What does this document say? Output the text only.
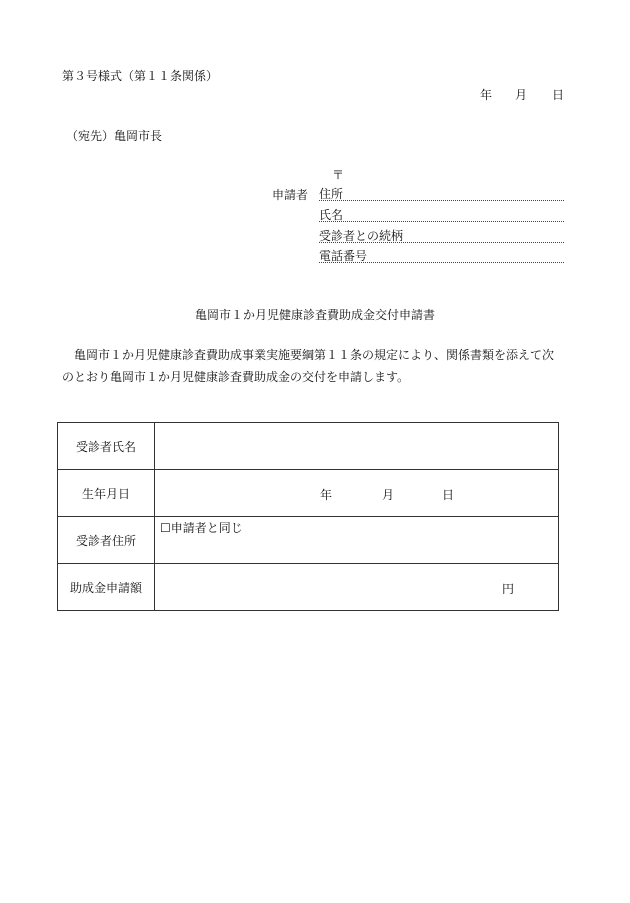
第３号様式（第１１条関係）
年 月 日
（宛先）亀岡市長
〒
申請者 住所
氏名
受診者との続柄
電話番号
亀岡市１か月児健康診査費助成金交付申請書
亀岡市１か月児健康診査費助成事業実施要綱第１１条の規定により、関係書類を添えて次
のとおり亀岡市１か月児健康診査費助成金の交付を申請します。
受診者氏名	
生年月日	年 月 日

受診者住所	☐申請者と同じ

助成金申請額	円
